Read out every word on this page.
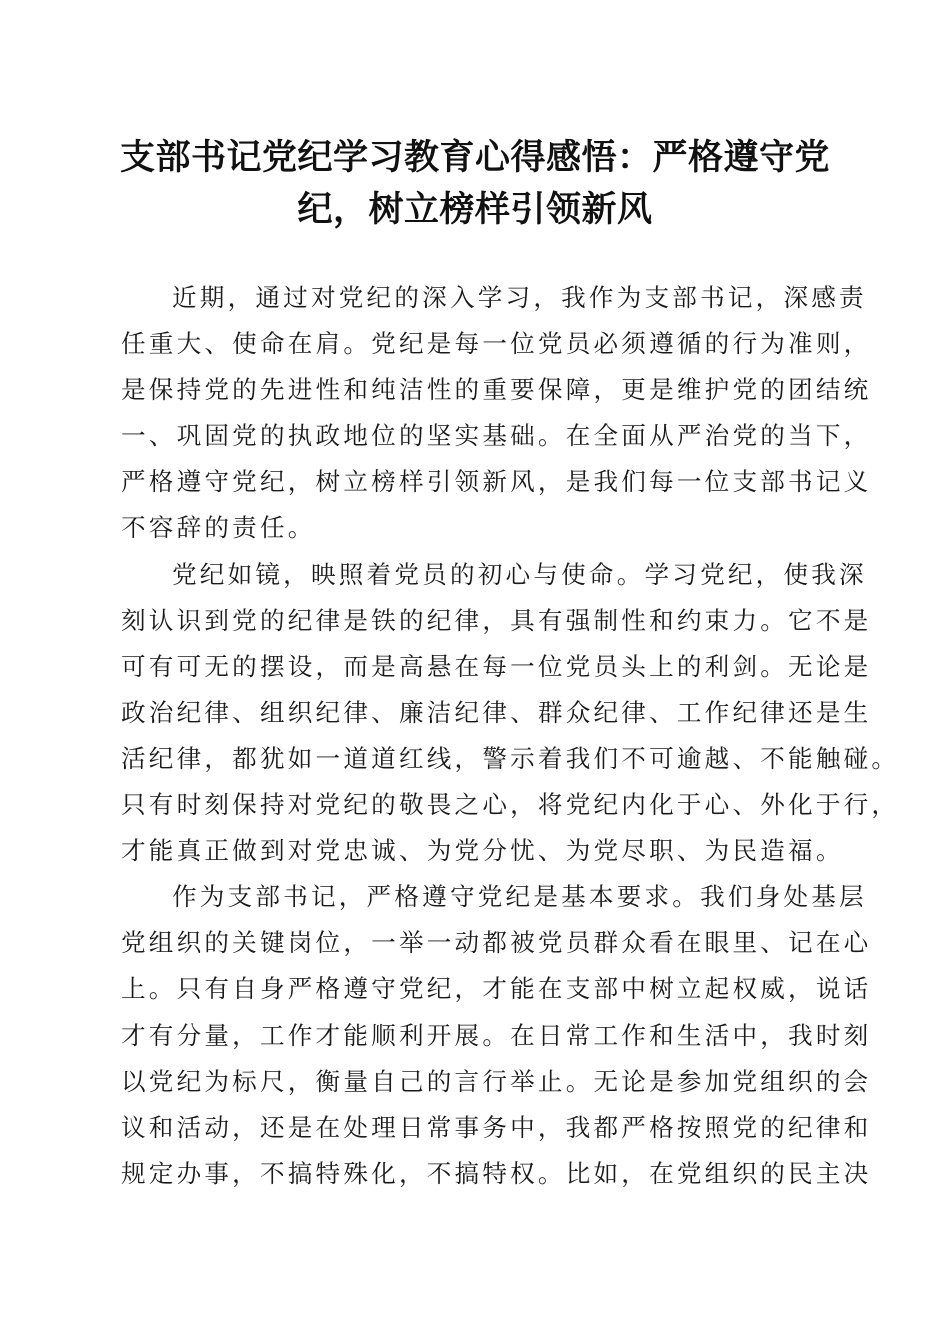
支部书记党纪学习教育心得感悟：严格遵守党
纪，树立榜样引领新风
近期，通过对党纪的深入学习，我作为支部书记，深感责
任重大、使命在肩。党纪是每一位党员必须遵循的行为准则，
是保持党的先进性和纯洁性的重要保障，更是维护党的团结统
一、巩固党的执政地位的坚实基础。在全面从严治党的当下，
严格遵守党纪，树立榜样引领新风，是我们每一位支部书记义
不容辞的责任。
党纪如镜，映照着党员的初心与使命。学习党纪，使我深
刻认识到党的纪律是铁的纪律，具有强制性和约束力。它不是
可有可无的摆设，而是高悬在每一位党员头上的利剑。无论是
政治纪律、组织纪律、廉洁纪律、群众纪律、工作纪律还是生
活纪律，都犹如一道道红线，警示着我们不可逾越、不能触碰。
只有时刻保持对党纪的敬畏之心，将党纪内化于心、外化于行，
才能真正做到对党忠诚、为党分忧、为党尽职、为民造福。
作为支部书记，严格遵守党纪是基本要求。我们身处基层
党组织的关键岗位，一举一动都被党员群众看在眼里、记在心
上。只有自身严格遵守党纪，才能在支部中树立起权威，说话
才有分量，工作才能顺利开展。在日常工作和生活中，我时刻
以党纪为标尺，衡量自己的言行举止。无论是参加党组织的会
议和活动，还是在处理日常事务中，我都严格按照党的纪律和
规定办事，不搞特殊化，不搞特权。比如，在党组织的民主决
